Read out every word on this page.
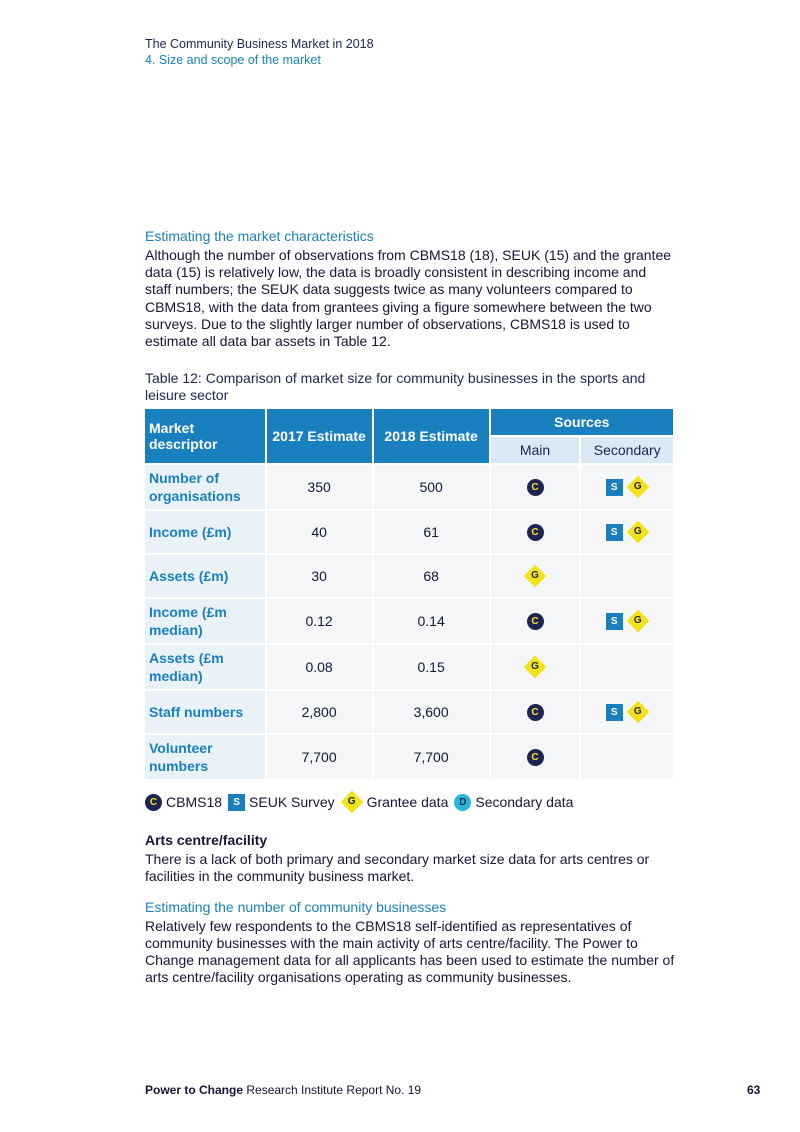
The Community Business Market in 2018
4. Size and scope of the market
Estimating the market characteristics
Although the number of observations from CBMS18 (18), SEUK (15) and the grantee data (15) is relatively low, the data is broadly consistent in describing income and staff numbers; the SEUK data suggests twice as many volunteers compared to CBMS18, with the data from grantees giving a figure somewhere between the two surveys. Due to the slightly larger number of observations, CBMS18 is used to estimate all data bar assets in Table 12.
Table 12: Comparison of market size for community businesses in the sports and leisure sector
Market descriptor	2017 Estimate	2018 Estimate	Sources	
			Main	Secondary
Number of organisations	350	500	C	S G

Income (£m)	40	61	C	S G

Assets (£m)	30	68	G	

Income (£m median)	0.12	0.14	C	S G

Assets (£m median)	0.08	0.15	G	

Staff numbers	2,800	3,600	C	S G

Volunteer numbers	7,700	7,700	C	
C CBMS18	S SEUK Survey	G Grantee data	D Secondary data
Arts centre/facility
There is a lack of both primary and secondary market size data for arts centres or facilities in the community business market.
Estimating the number of community businesses
Relatively few respondents to the CBMS18 self-identified as representatives of community businesses with the main activity of arts centre/facility. The Power to Change management data for all applicants has been used to estimate the number of arts centre/facility organisations operating as community businesses.
Power to Change Research Institute Report No. 19	63
